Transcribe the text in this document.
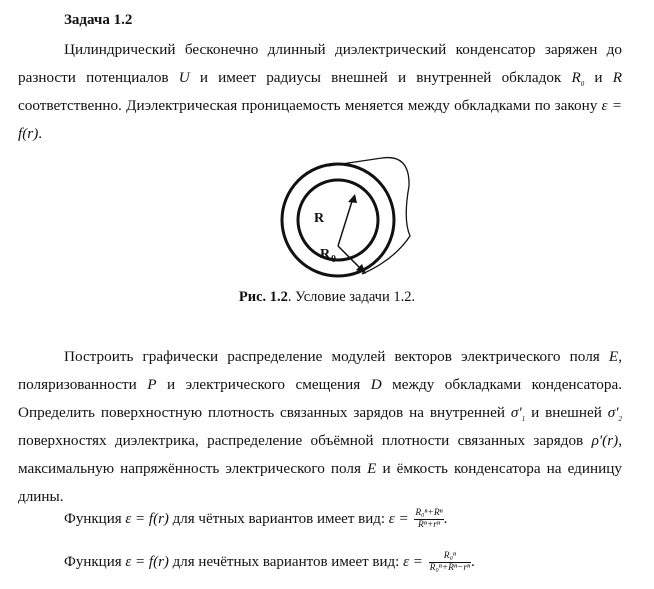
Задача 1.2
Цилиндрический бесконечно длинный диэлектрический конденсатор заряжен до разности потенциалов U и имеет радиусы внешней и внутренней обкладок $R_0$ и R соответственно. Диэлектрическая проницаемость меняется между обкладками по закону ε = f(r).
R
R 0
Рис. 1.2. Условие задачи 1.2.
Построить графически распределение модулей векторов электрического поля E, поляризованности P и электрического смещения D между обкладками конденсатора. Определить поверхностную плотность связанных зарядов на внутренней $\sigma'_1$ и внешней $\sigma'_2$ поверхностях диэлектрика, распределение объёмной плотности связанных зарядов ρ′(r), максимальную напряжённость электрического поля E и ёмкость конденсатора на единицу длины.
Функция ε = f(r) для чётных вариантов имеет вид: $\varepsilon = \frac{\text{R₀ⁿ+Rⁿ}}{\text{Rⁿ+rⁿ}}$ .
Функция ε = f(r) для нечётных вариантов имеет вид: $\varepsilon = \frac{\text{R₀ⁿ}}{\text{R₀ⁿ+Rⁿ−rⁿ}}$ .
